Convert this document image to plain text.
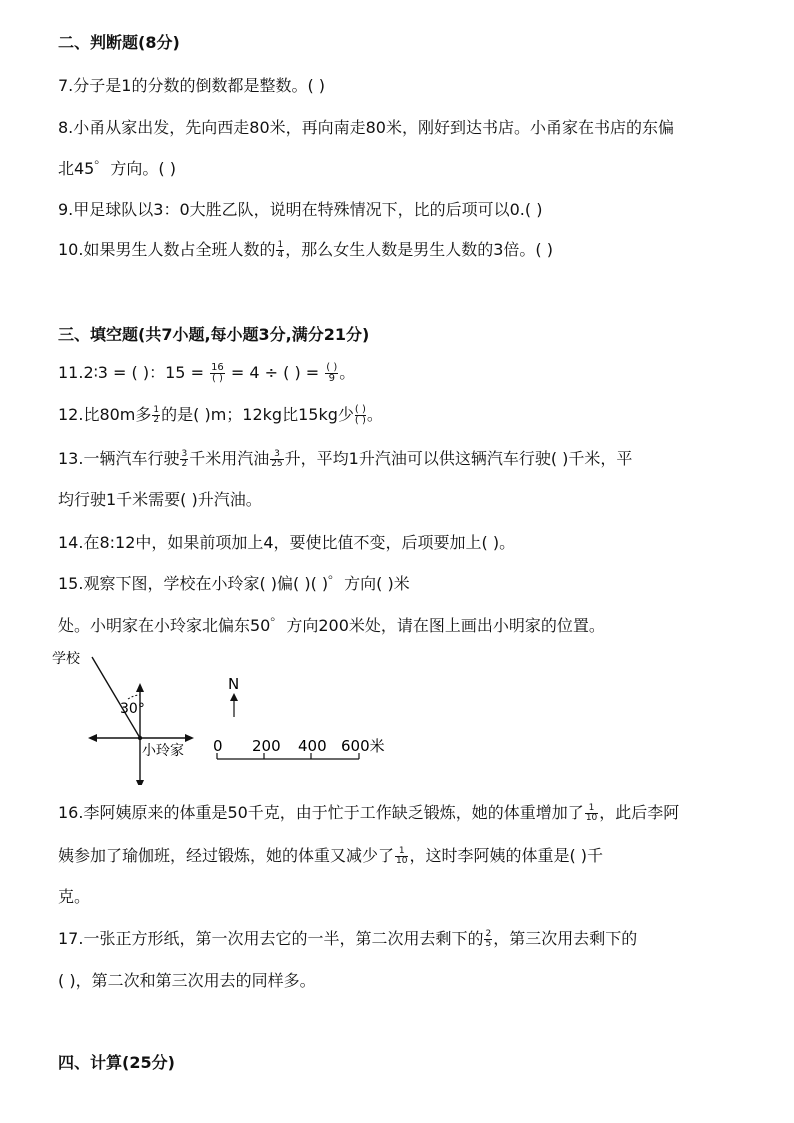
二、判断题(8分)
7.分子是1的分数的倒数都是整数。( )
8.小甬从家出发，先向西走80米，再向南走80米，刚好到达书店。小甬家在书店的东偏
北45゜方向。( )
9.甲足球队以3：0大胜乙队，说明在特殊情况下，比的后项可以0.( )
10.如果男生人数占全班人数的 $\frac{1}{4}$ ，那么女生人数是男生人数的3倍。( )
三、填空题(共7小题,每小题3分,满分21分)
11.2∶3 = ( )：$15 = \frac{16}{( )} = 4$ ÷ ( ) = $\frac{( )}{9}$ 。
12.比80m多 $\frac{1}{2}$ 的是( )m；12kg比15kg少 $\frac{( )}{( )}$ 。
13.一辆汽车行驶 $\frac{3}{2}$ 千米用汽油 $\frac{3}{25}$ 升，平均1升汽油可以供这辆汽车行驶( )千米，平
均行驶1千米需要( )升汽油。
14.在8:12中，如果前项加上4，要使比值不变，后项要加上( )。
15.观察下图，学校在小玲家( )偏( )( )゜方向( )米
处。小明家在小玲家北偏东50゜方向200米处，请在图上画出小明家的位置。
学校
30°
小玲家
N
0 200 400 600米
16.李阿姨原来的体重是50千克，由于忙于工作缺乏锻炼，她的体重增加了 $\frac{1}{10}$ ，此后李阿
姨参加了瑜伽班，经过锻炼，她的体重又减少了 $\frac{1}{10}$ ，这时李阿姨的体重是( )千
克。
17.一张正方形纸，第一次用去它的一半，第二次用去剩下的 $\frac{2}{5}$ ，第三次用去剩下的
( )，第二次和第三次用去的同样多。
四、计算(25分)
